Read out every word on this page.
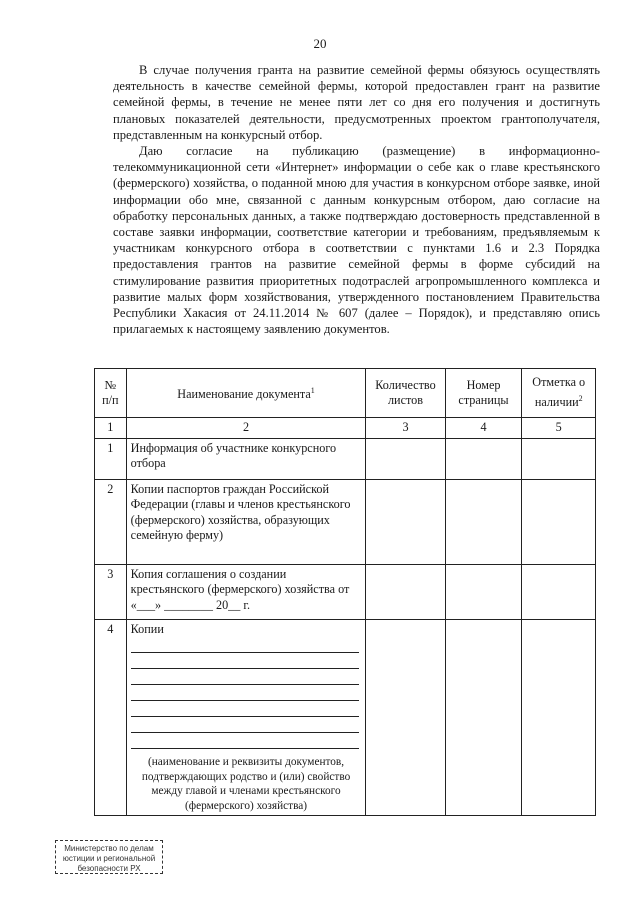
20

В случае получения гранта на развитие семейной фермы обязуюсь осуществлять деятельность в качестве семейной фермы, которой предоставлен грант на развитие семейной фермы, в течение не менее пяти лет со дня его получения и достигнуть плановых показателей деятельности, предусмотренных проектом грантополучателя, представленным на конкурсный отбор.

Даю согласие на публикацию (размещение) в информационно-телекоммуникационной сети «Интернет» информации о себе как о главе крестьянского (фермерского) хозяйства, о поданной мною для участия в конкурсном отборе заявке, иной информации обо мне, связанной с данным конкурсным отбором, даю согласие на обработку персональных данных, а также подтверждаю достоверность представленной в составе заявки информации, соответствие категории и требованиям, предъявляемым к участникам конкурсного отбора в соответствии с пунктами 1.6 и 2.3 Порядка предоставления грантов на развитие семейной фермы в форме субсидий на стимулирование развития приоритетных подотраслей агропромышленного комплекса и развитие малых форм хозяйствования, утвержденного постановлением Правительства Республики Хакасия от 24.11.2014 № 607 (далее – Порядок), и представляю опись прилагаемых к настоящему заявлению документов.

№ п/п	Наименование документа$^1$	Количество листов	Номер страницы	Отметка о наличии$^2$
1	2	3	4	5
1	Информация об участнике конкурсного отбора			
2	Копии паспортов граждан Российской Федерации (главы и членов крестьянского (фермерского) хозяйства, образующих семейную ферму)			
3	Копия соглашения о создании крестьянского (фермерского) хозяйства от «___» ________ 20__ г.			
4	Копии
(наименование и реквизиты документов, подтверждающих родство и (или) свойство между главой и членами крестьянского (фермерского) хозяйства)			

Министерство по делам
юстиции и региональной
безопасности РХ
